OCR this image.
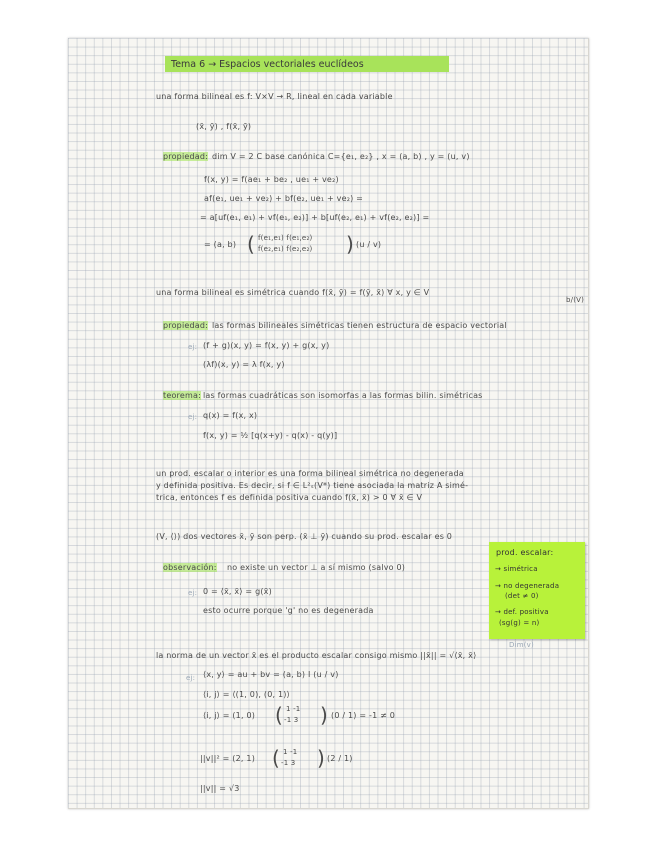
Tema 6 → Espacios vectoriales euclídeos
una forma bilineal es f: V×V → R, lineal en cada variable
(x̄, ȳ) , f(x̄, ȳ)
propiedad: dim V = 2 C base canónica C={e₁, e₂} , x = (a, b) , y = (u, v)
f(x, y) = f(ae₁ + be₂ , ue₁ + ve₂)
af(e₁, ue₁ + ve₂) + bf(e₂, ue₁ + ve₂) =
= a[uf(e₁, e₁) + vf(e₁, e₂)] + b[uf(e₂, e₁) + vf(e₂, e₂)] =
= (a, b) ( f(e₁,e₁) f(e₁,e₂)
f(e₂,e₁) f(e₂,e₂) ) (u / v)
una forma bilineal es simétrica cuando f(x̄, ȳ) = f(ȳ, x̄) ∀ x, y ∈ V
b/(V)
propiedad: las formas bilineales simétricas tienen estructura de espacio vectorial
ej: (f + g)(x, y) = f(x, y) + g(x, y)
(λf)(x, y) = λ f(x, y)
teorema: las formas cuadráticas son isomorfas a las formas bilin. simétricas
ej: q(x) = f(x, x)
f(x, y) = ½ [q(x+y) - q(x) - q(y)]
un prod. escalar o interior es una forma bilineal simétrica no degenerada
y definida positiva. Es decir, si f ∈ L²ₛ(V*) tiene asociada la matriz A simé-
trica, entonces f es definida positiva cuando f(x̄, x̄) > 0 ∀ x̄ ∈ V
(V, ⟨⟩) dos vectores x̄, ȳ son perp. (x̄ ⊥ ȳ) cuando su prod. escalar es 0
observación: no existe un vector ⊥ a sí mismo (salvo 0)
ej: 0 = ⟨x̄, x̄⟩ = g(x̄)
esto ocurre porque 'g' no es degenerada
la norma de un vector x̄ es el producto escalar consigo mismo ||x̄|| = √⟨x̄, x̄⟩
ej: ⟨x, y⟩ = au + bv = (a, b) I (u / v)
⟨i, j⟩ = ⟨(1, 0), (0, 1)⟩
⟨i, j⟩ = (1, 0) ( 1 -1
-1 3 ) (0 / 1) = -1 ≠ 0
||v||² = (2, 1) ( 1 -1
-1 3 ) (2 / 1)
||v|| = √3
prod. escalar:
→ simétrica
→ no degenerada
(det ≠ 0)
→ def. positiva
(sg(g) = n)
Dim(v)
